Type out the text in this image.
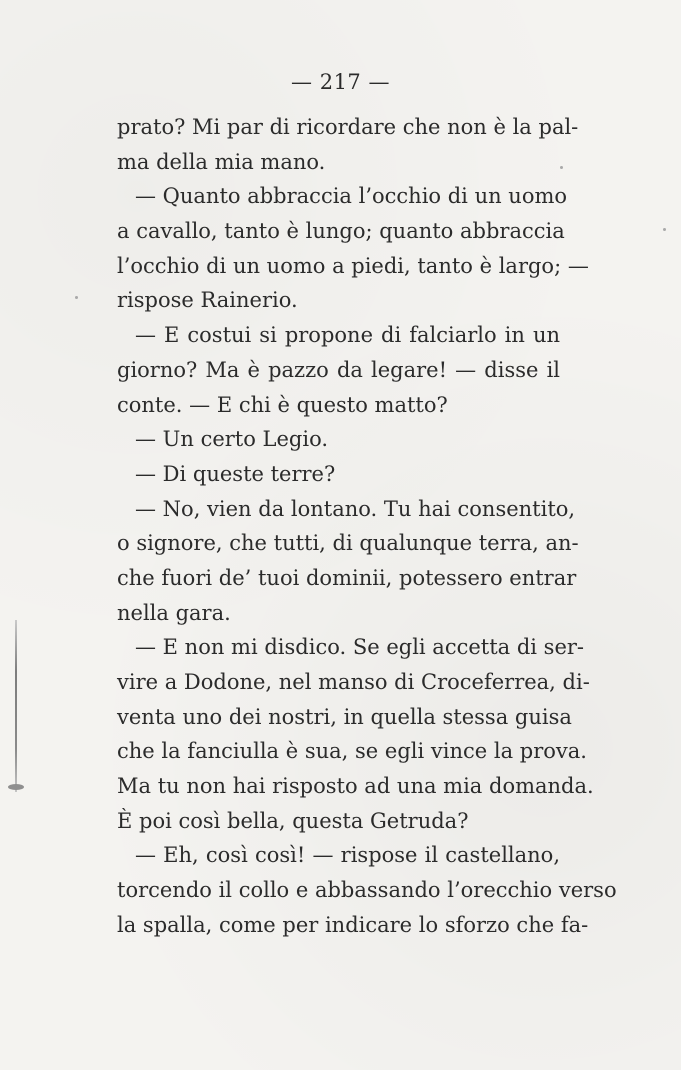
— 217 —
prato? Mi par di ricordare che non è la pal-
ma della mia mano.
— Quanto abbraccia l’occhio di un uomo
a cavallo, tanto è lungo; quanto abbraccia
l’occhio di un uomo a piedi, tanto è largo; —
rispose Rainerio.
— E costui si propone di falciarlo in un
giorno? Ma è pazzo da legare! — disse il
conte. — E chi è questo matto?
— Un certo Legio.
— Di queste terre?
— No, vien da lontano. Tu hai consentito,
o signore, che tutti, di qualunque terra, an-
che fuori de’ tuoi dominii, potessero entrar
nella gara.
— E non mi disdico. Se egli accetta di ser-
vire a Dodone, nel manso di Croceferrea, di-
venta uno dei nostri, in quella stessa guisa
che la fanciulla è sua, se egli vince la prova.
Ma tu non hai risposto ad una mia domanda.
È poi così bella, questa Getruda?
— Eh, così così! — rispose il castellano,
torcendo il collo e abbassando l’orecchio verso
la spalla, come per indicare lo sforzo che fa-
